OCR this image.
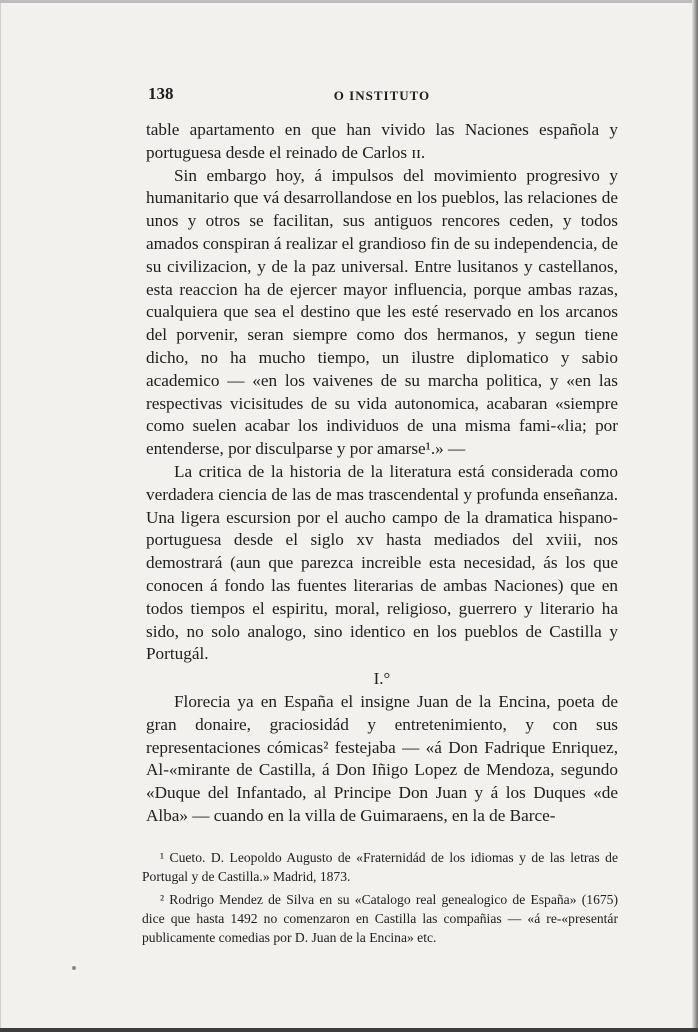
138	O INSTITUTO

table apartamento en que han vivido las Naciones española y portuguesa desde el reinado de Carlos ɪɪ.

Sin embargo hoy, á impulsos del movimiento progresivo y humanitario que vá desarrollandose en los pueblos, las relaciones de unos y otros se facilitan, sus antiguos rencores ceden, y todos amados conspiran á realizar el grandioso fin de su independencia, de su civilizacion, y de la paz universal. Entre lusitanos y castellanos, esta reaccion ha de ejercer mayor influencia, porque ambas razas, cualquiera que sea el destino que les esté reservado en los arcanos del porvenir, seran siempre como dos hermanos, y segun tiene dicho, no ha mucho tiempo, un ilustre diplomatico y sabio academico — «en los vaivenes de su marcha politica, y «en las respectivas vicisitudes de su vida autonomica, acabaran «siempre como suelen acabar los individuos de una misma fami-«lia; por entenderse, por disculparse y por amarse¹.» —

La critica de la historia de la literatura está considerada como verdadera ciencia de las de mas trascendental y profunda enseñanza. Una ligera escursion por el aucho campo de la dramatica hispano-portuguesa desde el siglo xv hasta mediados del xviii, nos demostrará (aun que parezca increible esta necesidad, ás los que conocen á fondo las fuentes literarias de ambas Naciones) que en todos tiempos el espiritu, moral, religioso, guerrero y literario ha sido, no solo analogo, sino identico en los pueblos de Castilla y Portugál.

I.°

Florecia ya en España el insigne Juan de la Encina, poeta de gran donaire, graciosidád y entretenimiento, y con sus representaciones cómicas² festejaba — «á Don Fadrique Enriquez, Al-«mirante de Castilla, á Don Iñigo Lopez de Mendoza, segundo «Duque del Infantado, al Principe Don Juan y á los Duques «de Alba» — cuando en la villa de Guimaraens, en la de Barce-

¹ Cueto. D. Leopoldo Augusto de «Fraternidád de los idiomas y de las letras de Portugal y de Castilla.» Madrid, 1873.

² Rodrigo Mendez de Silva en su «Catalogo real genealogico de España» (1675) dice que hasta 1492 no comenzaron en Castilla las compañias — «á re-«presentár publicamente comedias por D. Juan de la Encina» etc.
